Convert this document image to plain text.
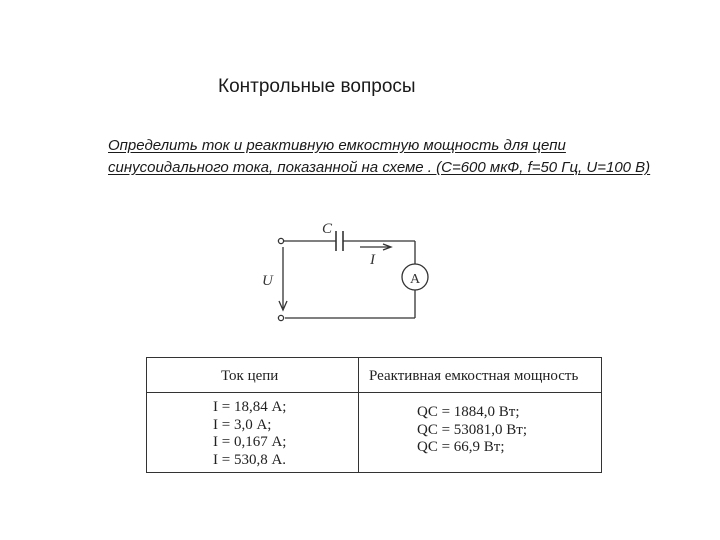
Контрольные вопросы
Определить ток и реактивную емкостную мощность для цепи синусоидального тока, показанной на схеме . (С=600 мкФ, f=50 Гц, U=100 В)
C
I
U	A
Ток цепи	Реактивная емкостная мощность
I = 18,84 А;
I = 3,0 А;
I = 0,167 А;
I = 530,8 А.
QC = 1884,0 Вт;
QC = 53081,0 Вт;
QC = 66,9 Вт;
